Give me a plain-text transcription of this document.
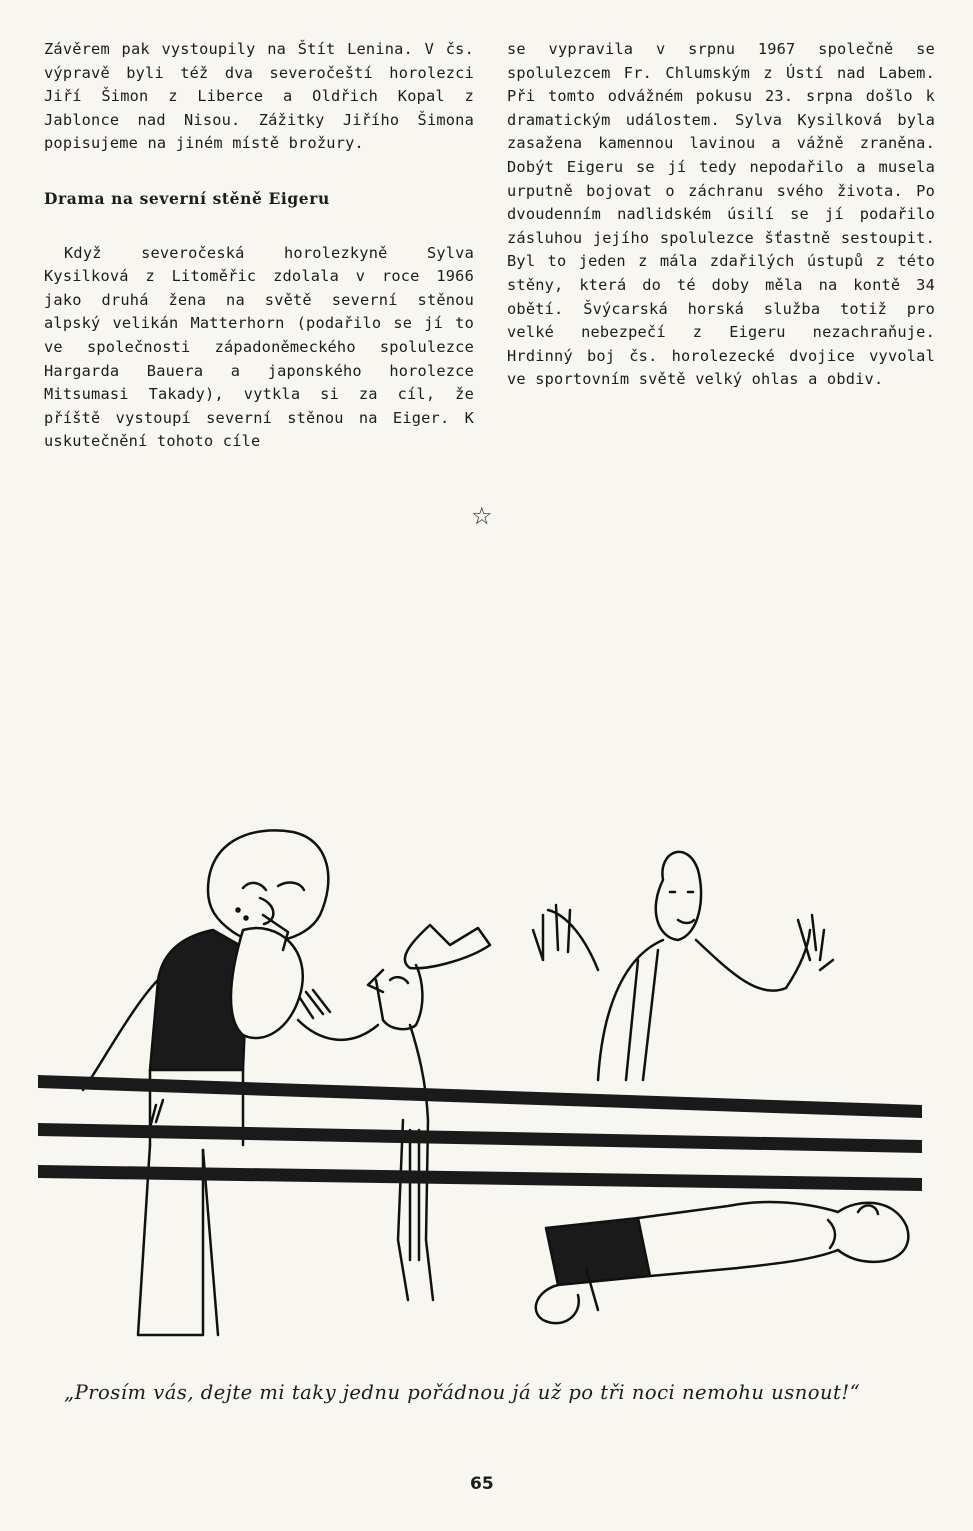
Závěrem pak vystoupily na Štít Lenina. V čs. výpravě byli též dva severočeští horolezci Jiří Šimon z Liberce a Oldřich Kopal z Jablonce nad Nisou. Zážitky Jiřího Šimona popisujeme na jiném místě brožury.

Drama na severní stěně Eigeru

Když severočeská horolezkyně Sylva Kysilková z Litoměřic zdolala v roce 1966 jako druhá žena na světě severní stěnou alpský velikán Matterhorn (podařilo se jí to ve společnosti západoněmeckého spolulezce Hargarda Bauera a japonského horolezce Mitsumasi Takady), vytkla si za cíl, že příště vystoupí severní stěnou na Eiger. K uskutečnění tohoto cíle

se vypravila v srpnu 1967 společně se spolulezcem Fr. Chlumským z Ústí nad Labem. Při tomto odvážném pokusu 23. srpna došlo k dramatickým událostem. Sylva Kysilková byla zasažena kamennou lavinou a vážně zraněna. Dobýt Eigeru se jí tedy nepodařilo a musela urputně bojovat o záchranu svého života. Po dvoudenním nadlidském úsilí se jí podařilo zásluhou jejího spolulezce šťastně sestoupit. Byl to jeden z mála zdařilých ústupů z této stěny, která do té doby měla na kontě 34 obětí. Švýcarská horská služba totiž pro velké nebezpečí z Eigeru nezachraňuje. Hrdinný boj čs. horolezecké dvojice vyvolal ve sportovním světě velký ohlas a obdiv.

☆
„Prosím vás, dejte mi taky jednu pořádnou já už po tři noci nemohu usnout!“
65
